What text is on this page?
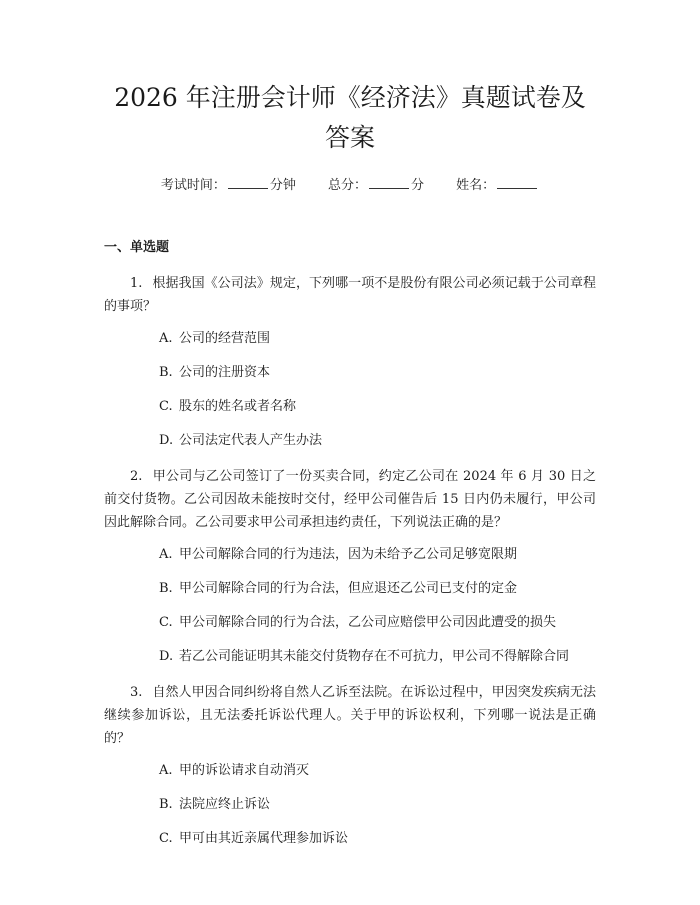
2026 年注册会计师《经济法》真题试卷及答案
考试时间：	分钟 总分：	分 姓名：
一、单选题
1. 根据我国《公司法》规定，下列哪一项不是股份有限公司必须记载于公司章程的事项？
A. 公司的经营范围
B. 公司的注册资本
C. 股东的姓名或者名称
D. 公司法定代表人产生办法
2. 甲公司与乙公司签订了一份买卖合同，约定乙公司在 2024 年 6 月 30 日之前交付货物。乙公司因故未能按时交付，经甲公司催告后 15 日内仍未履行，甲公司因此解除合同。乙公司要求甲公司承担违约责任，下列说法正确的是？
A. 甲公司解除合同的行为违法，因为未给予乙公司足够宽限期
B. 甲公司解除合同的行为合法，但应退还乙公司已支付的定金
C. 甲公司解除合同的行为合法，乙公司应赔偿甲公司因此遭受的损失
D. 若乙公司能证明其未能交付货物存在不可抗力，甲公司不得解除合同
3. 自然人甲因合同纠纷将自然人乙诉至法院。在诉讼过程中，甲因突发疾病无法继续参加诉讼，且无法委托诉讼代理人。关于甲的诉讼权利，下列哪一说法是正确的？
A. 甲的诉讼请求自动消灭
B. 法院应终止诉讼
C. 甲可由其近亲属代理参加诉讼
